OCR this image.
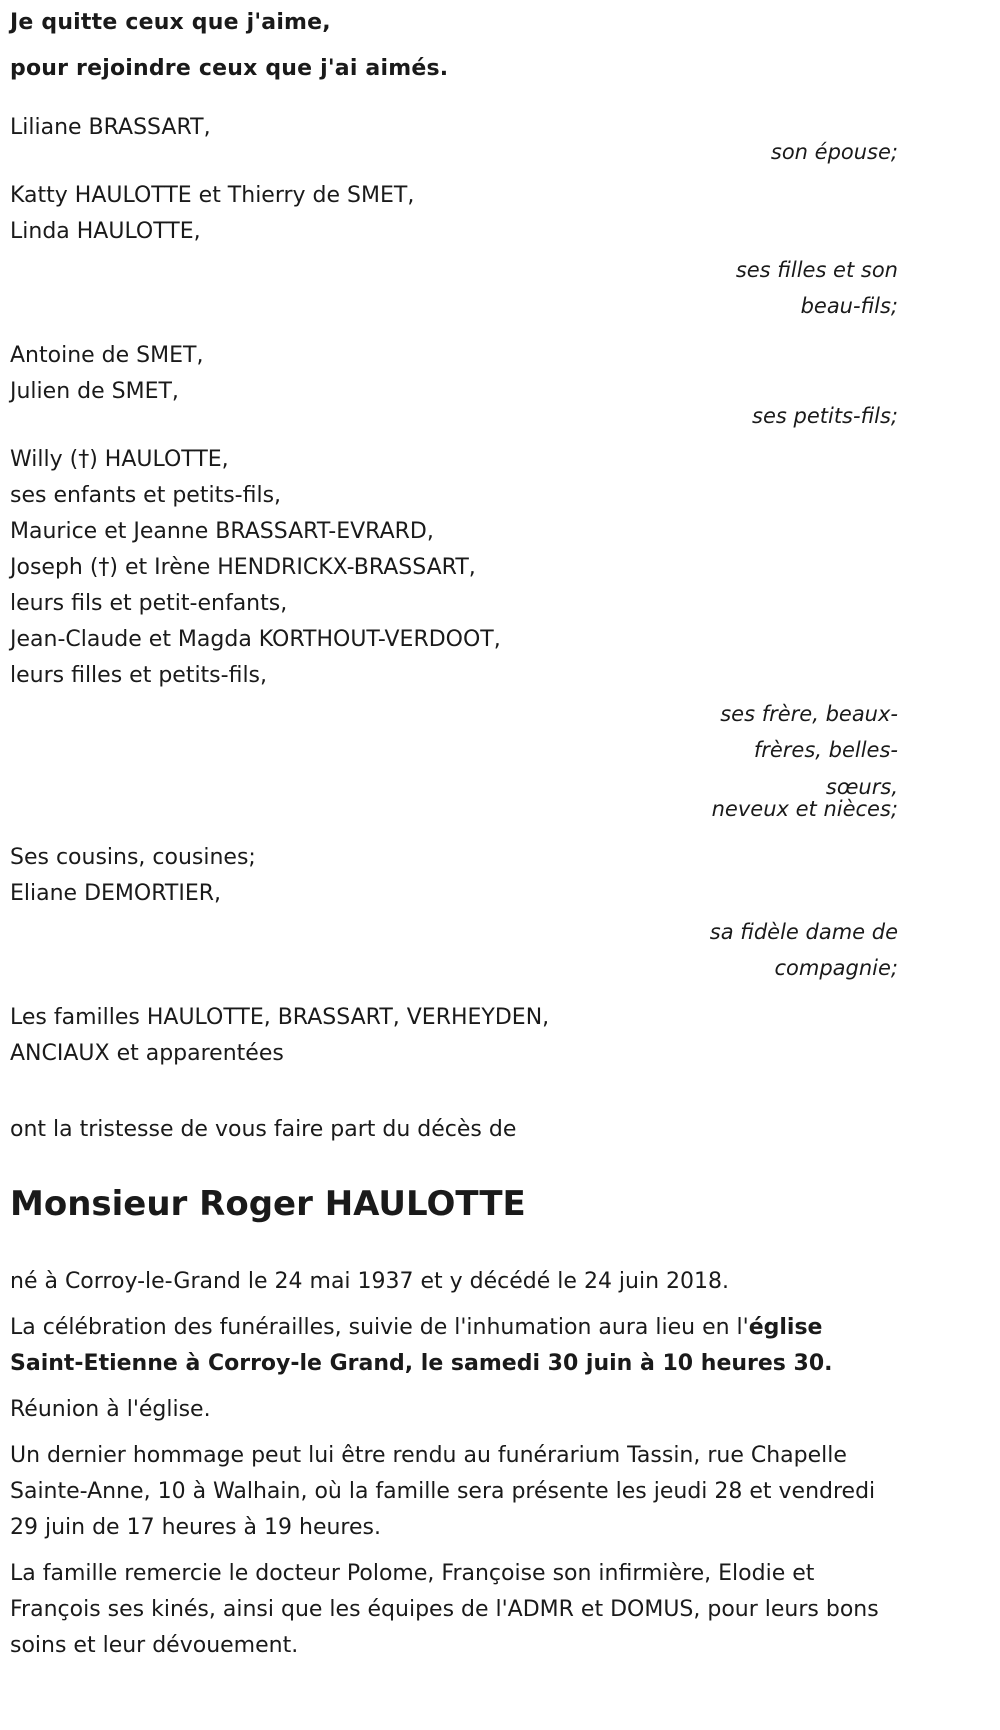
Je quitte ceux que j'aime,
pour rejoindre ceux que j'ai aimés.
Liliane BRASSART,
son épouse;
Katty HAULOTTE et Thierry de SMET,
Linda HAULOTTE,
ses filles et son
beau-fils;
Antoine de SMET,
Julien de SMET,
ses petits-fils;
Willy (†) HAULOTTE,
ses enfants et petits-fils,
Maurice et Jeanne BRASSART-EVRARD,
Joseph (†) et Irène HENDRICKX-BRASSART,
leurs fils et petit-enfants,
Jean-Claude et Magda KORTHOUT-VERDOOT,
leurs filles et petits-fils,
ses frère, beaux-
frères, belles-
sœurs,
neveux et nièces;
Ses cousins, cousines;
Eliane DEMORTIER,
sa fidèle dame de
compagnie;
Les familles HAULOTTE, BRASSART, VERHEYDEN,
ANCIAUX et apparentées
ont la tristesse de vous faire part du décès de
Monsieur Roger HAULOTTE

né à Corroy-le-Grand le 24 mai 1937 et y décédé le 24 juin 2018.

La célébration des funérailles, suivie de l'inhumation aura lieu en l'église Saint-Etienne à Corroy-le Grand, le samedi 30 juin à 10 heures 30.

Réunion à l'église.

Un dernier hommage peut lui être rendu au funérarium Tassin, rue Chapelle Sainte-Anne, 10 à Walhain, où la famille sera présente les jeudi 28 et vendredi 29 juin de 17 heures à 19 heures.

La famille remercie le docteur Polome, Françoise son infirmière, Elodie et François ses kinés, ainsi que les équipes de l'ADMR et DOMUS, pour leurs bons soins et leur dévouement.
